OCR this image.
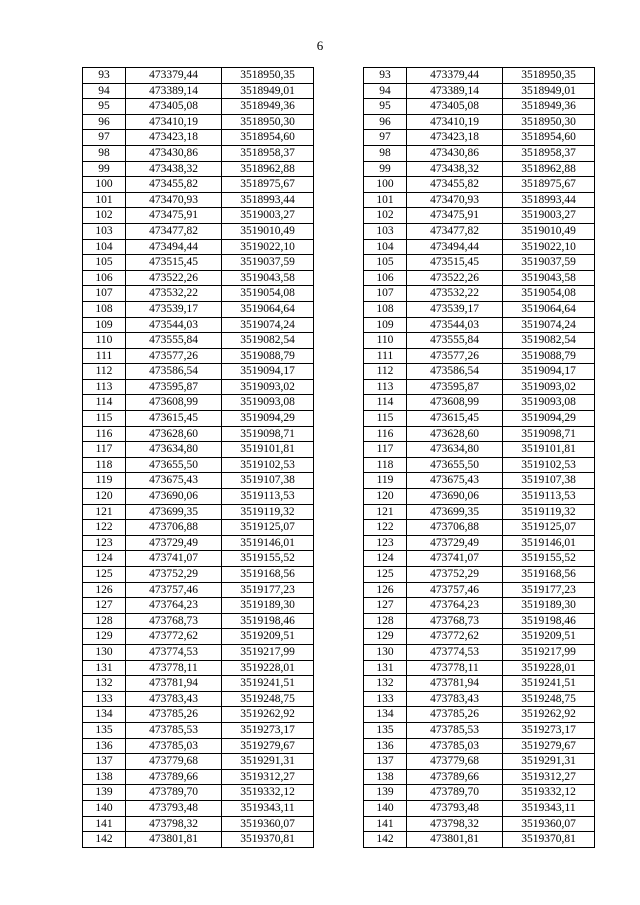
6
93	473379,44	3518950,35		93	473379,44	3518950,35
94	473389,14	3518949,01		94	473389,14	3518949,01
95	473405,08	3518949,36		95	473405,08	3518949,36
96	473410,19	3518950,30		96	473410,19	3518950,30
97	473423,18	3518954,60		97	473423,18	3518954,60
98	473430,86	3518958,37		98	473430,86	3518958,37
99	473438,32	3518962,88		99	473438,32	3518962,88
100	473455,82	3518975,67		100	473455,82	3518975,67
101	473470,93	3518993,44		101	473470,93	3518993,44
102	473475,91	3519003,27		102	473475,91	3519003,27
103	473477,82	3519010,49		103	473477,82	3519010,49
104	473494,44	3519022,10		104	473494,44	3519022,10
105	473515,45	3519037,59		105	473515,45	3519037,59
106	473522,26	3519043,58		106	473522,26	3519043,58
107	473532,22	3519054,08		107	473532,22	3519054,08
108	473539,17	3519064,64		108	473539,17	3519064,64
109	473544,03	3519074,24		109	473544,03	3519074,24
110	473555,84	3519082,54		110	473555,84	3519082,54
111	473577,26	3519088,79		111	473577,26	3519088,79
112	473586,54	3519094,17		112	473586,54	3519094,17
113	473595,87	3519093,02		113	473595,87	3519093,02
114	473608,99	3519093,08		114	473608,99	3519093,08
115	473615,45	3519094,29		115	473615,45	3519094,29
116	473628,60	3519098,71		116	473628,60	3519098,71
117	473634,80	3519101,81		117	473634,80	3519101,81
118	473655,50	3519102,53		118	473655,50	3519102,53
119	473675,43	3519107,38		119	473675,43	3519107,38
120	473690,06	3519113,53		120	473690,06	3519113,53
121	473699,35	3519119,32		121	473699,35	3519119,32
122	473706,88	3519125,07		122	473706,88	3519125,07
123	473729,49	3519146,01		123	473729,49	3519146,01
124	473741,07	3519155,52		124	473741,07	3519155,52
125	473752,29	3519168,56		125	473752,29	3519168,56
126	473757,46	3519177,23		126	473757,46	3519177,23
127	473764,23	3519189,30		127	473764,23	3519189,30
128	473768,73	3519198,46		128	473768,73	3519198,46
129	473772,62	3519209,51		129	473772,62	3519209,51
130	473774,53	3519217,99		130	473774,53	3519217,99
131	473778,11	3519228,01		131	473778,11	3519228,01
132	473781,94	3519241,51		132	473781,94	3519241,51
133	473783,43	3519248,75		133	473783,43	3519248,75
134	473785,26	3519262,92		134	473785,26	3519262,92
135	473785,53	3519273,17		135	473785,53	3519273,17
136	473785,03	3519279,67		136	473785,03	3519279,67
137	473779,68	3519291,31		137	473779,68	3519291,31
138	473789,66	3519312,27		138	473789,66	3519312,27
139	473789,70	3519332,12		139	473789,70	3519332,12
140	473793,48	3519343,11		140	473793,48	3519343,11
141	473798,32	3519360,07		141	473798,32	3519360,07
142	473801,81	3519370,81		142	473801,81	3519370,81
